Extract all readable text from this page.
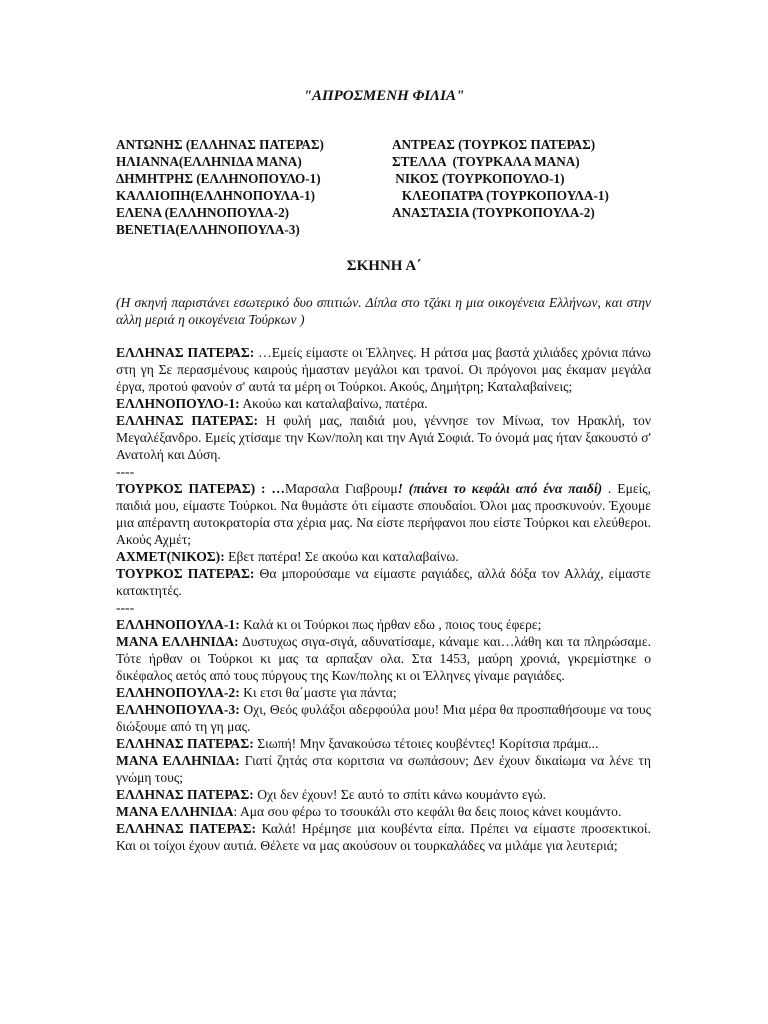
"ΑΠΡΟΣΜΕΝΗ ΦΙΛΙΑ"
ΑΝΤΩΝΗΣ (ΕΛΛΗΝΑΣ ΠΑΤΕΡΑΣ)	ΑΝΤΡΕΑΣ (ΤΟΥΡΚΟΣ ΠΑΤΕΡΑΣ)
ΗΛΙΑΝΝΑ(ΕΛΛΗΝΙΔΑ ΜΑΝΑ)	ΣΤΕΛΛΑ  (ΤΟΥΡΚΑΛΑ ΜΑΝΑ)
ΔΗΜΗΤΡΗΣ (ΕΛΛΗΝΟΠΟΥΛΟ-1)	ΝΙΚΟΣ (ΤΟΥΡΚΟΠΟΥΛΟ-1)
ΚΑΛΛΙΟΠΗ(ΕΛΛΗΝΟΠΟΥΛΑ-1)	ΚΛΕΟΠΑΤΡΑ (ΤΟΥΡΚΟΠΟΥΛΑ-1)
ΕΛΕΝΑ (ΕΛΛΗΝΟΠΟΥΛΑ-2)	ΑΝΑΣΤΑΣΙΑ (ΤΟΥΡΚΟΠΟΥΛΑ-2)
ΒΕΝΕΤΙΑ(ΕΛΛΗΝΟΠΟΥΛΑ-3)
ΣΚΗΝΗ Α΄
(Η σκηνή παριστάνει εσωτερικό δυο σπιτιών. Δίπλα στο τζάκι η μια οικογένεια Ελλήνων, και στην αλλη μεριά η οικογένεια Τούρκων )
ΕΛΛΗΝΑΣ ΠΑΤΕΡΑΣ: …Εμείς είμαστε οι Έλληνες. Η ράτσα μας βαστά χιλιάδες χρόνια πάνω στη γη Σε περασμένους καιρούς ήμασταν μεγάλοι και τρανοί. Οι πρόγονοι μας έκαμαν μεγάλα έργα, προτού φανούν σ' αυτά τα μέρη οι Τούρκοι. Ακούς, Δημήτρη; Καταλαβαίνεις;
ΕΛΛΗΝΟΠΟΥΛΟ-1: Ακούω και καταλαβαίνω, πατέρα.
ΕΛΛΗΝΑΣ ΠΑΤΕΡΑΣ: Η φυλή μας, παιδιά μου, γέννησε τον Μίνωα, τον Ηρακλή, τον Μεγαλέξανδρο. Εμείς χτίσαμε την Κων/πολη και την Αγιά Σοφιά. Το όνομά μας ήταν ξακουστό σ' Ανατολή και Δύση.
----
ΤΟΥΡΚΟΣ ΠΑΤΕΡΑΣ) : …Μαρσαλα Γιαβρουμ! (πιάνει το κεφάλι από ένα παιδί) . Εμείς, παιδιά μου, είμαστε Τούρκοι. Να θυμάστε ότι είμαστε σπουδαίοι. Όλοι μας προσκυνούν. Έχουμε μια απέραντη αυτοκρατορία στα χέρια μας. Να είστε περήφανοι που είστε Τούρκοι και ελεύθεροι. Ακούς Αχμέτ;
ΑΧΜΕΤ(ΝΙΚΟΣ): Εβετ πατέρα! Σε ακούω και καταλαβαίνω.
ΤΟΥΡΚΟΣ ΠΑΤΕΡΑΣ: Θα μπορούσαμε να είμαστε ραγιάδες, αλλά δόξα τον Αλλάχ, είμαστε κατακτητές.
----
ΕΛΛΗΝΟΠΟΥΛΑ-1: Καλά κι οι Τούρκοι πως ήρθαν εδω , ποιος τους έφερε;
ΜΑΝΑ ΕΛΛΗΝΙΔΑ: Δυστυχως σιγα-σιγά, αδυνατίσαμε, κάναμε και…λάθη και τα πληρώσαμε. Τότε ήρθαν οι Τούρκοι κι μας τα αρπαξαν ολα. Στα 1453, μαύρη χρονιά, γκρεμίστηκε ο δικέφαλος αετός από τους πύργους της Κων/πολης κι οι Έλληνες γίναμε ραγιάδες.
ΕΛΛΗΝΟΠΟΥΛΑ-2: Κι ετσι θα΄μαστε για πάντα;
ΕΛΛΗΝΟΠΟΥΛΑ-3: Οχι, Θεός φυλάξοι αδερφούλα μου! Μια μέρα θα προσπαθήσουμε να τους διώξουμε από τη γη μας.
ΕΛΛΗΝΑΣ ΠΑΤΕΡΑΣ: Σιωπή! Μην ξανακούσω τέτοιες κουβέντες! Κορίτσια πράμα...
ΜΑΝΑ ΕΛΛΗΝΙΔΑ: Γιατί ζητάς στα κοριτσια να σωπάσουν; Δεν έχουν δικαίωμα να λένε τη γνώμη τους;
ΕΛΛΗΝΑΣ ΠΑΤΕΡΑΣ: Οχι δεν έχουν! Σε αυτό το σπίτι κάνω κουμάντο εγώ.
ΜΑΝΑ ΕΛΛΗΝΙΔΑ: Αμα σου φέρω το τσουκάλι στο κεφάλι θα δεις ποιος κάνει κουμάντο.
ΕΛΛΗΝΑΣ ΠΑΤΕΡΑΣ: Καλά! Ηρέμησε μια κουβέντα είπα. Πρέπει να είμαστε προσεκτικοί. Και οι τοίχοι έχουν αυτιά. Θέλετε να μας ακούσουν οι τουρκαλάδες να μιλάμε για λευτεριά;
